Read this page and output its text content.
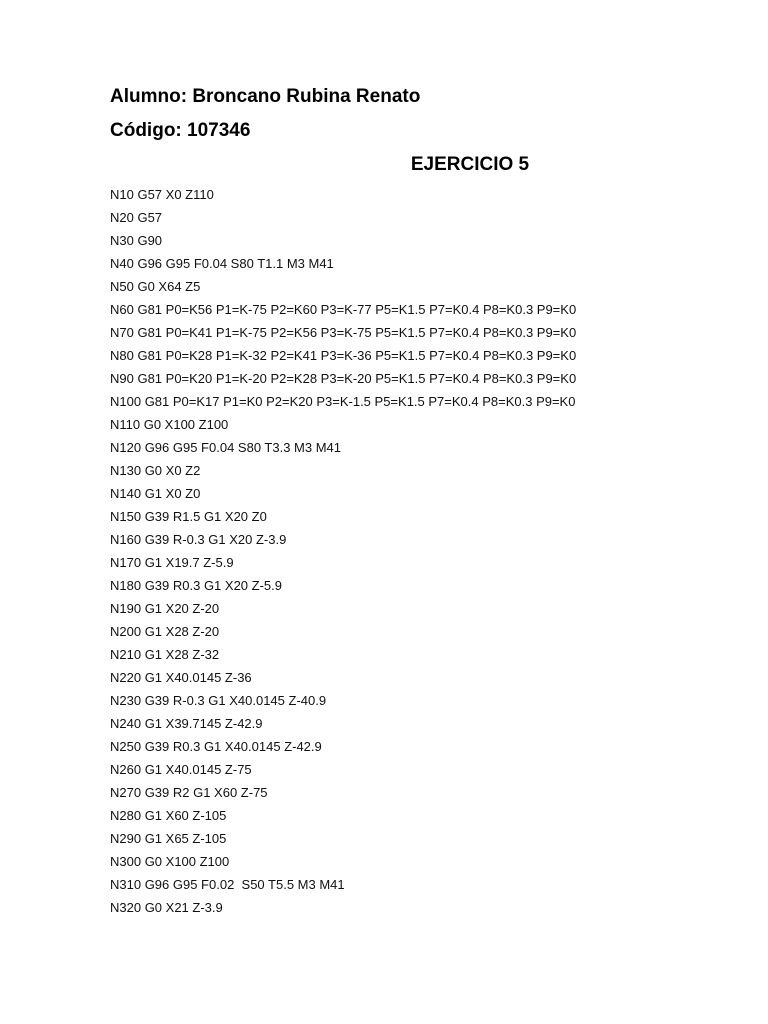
Alumno: Broncano Rubina Renato
Código: 107346
EJERCICIO 5
N10 G57 X0 Z110
N20 G57
N30 G90
N40 G96 G95 F0.04 S80 T1.1 M3 M41
N50 G0 X64 Z5
N60 G81 P0=K56 P1=K-75 P2=K60 P3=K-77 P5=K1.5 P7=K0.4 P8=K0.3 P9=K0
N70 G81 P0=K41 P1=K-75 P2=K56 P3=K-75 P5=K1.5 P7=K0.4 P8=K0.3 P9=K0
N80 G81 P0=K28 P1=K-32 P2=K41 P3=K-36 P5=K1.5 P7=K0.4 P8=K0.3 P9=K0
N90 G81 P0=K20 P1=K-20 P2=K28 P3=K-20 P5=K1.5 P7=K0.4 P8=K0.3 P9=K0
N100 G81 P0=K17 P1=K0 P2=K20 P3=K-1.5 P5=K1.5 P7=K0.4 P8=K0.3 P9=K0
N110 G0 X100 Z100
N120 G96 G95 F0.04 S80 T3.3 M3 M41
N130 G0 X0 Z2
N140 G1 X0 Z0
N150 G39 R1.5 G1 X20 Z0
N160 G39 R-0.3 G1 X20 Z-3.9
N170 G1 X19.7 Z-5.9
N180 G39 R0.3 G1 X20 Z-5.9
N190 G1 X20 Z-20
N200 G1 X28 Z-20
N210 G1 X28 Z-32
N220 G1 X40.0145 Z-36
N230 G39 R-0.3 G1 X40.0145 Z-40.9
N240 G1 X39.7145 Z-42.9
N250 G39 R0.3 G1 X40.0145 Z-42.9
N260 G1 X40.0145 Z-75
N270 G39 R2 G1 X60 Z-75
N280 G1 X60 Z-105
N290 G1 X65 Z-105
N300 G0 X100 Z100
N310 G96 G95 F0.02  S50 T5.5 M3 M41
N320 G0 X21 Z-3.9
